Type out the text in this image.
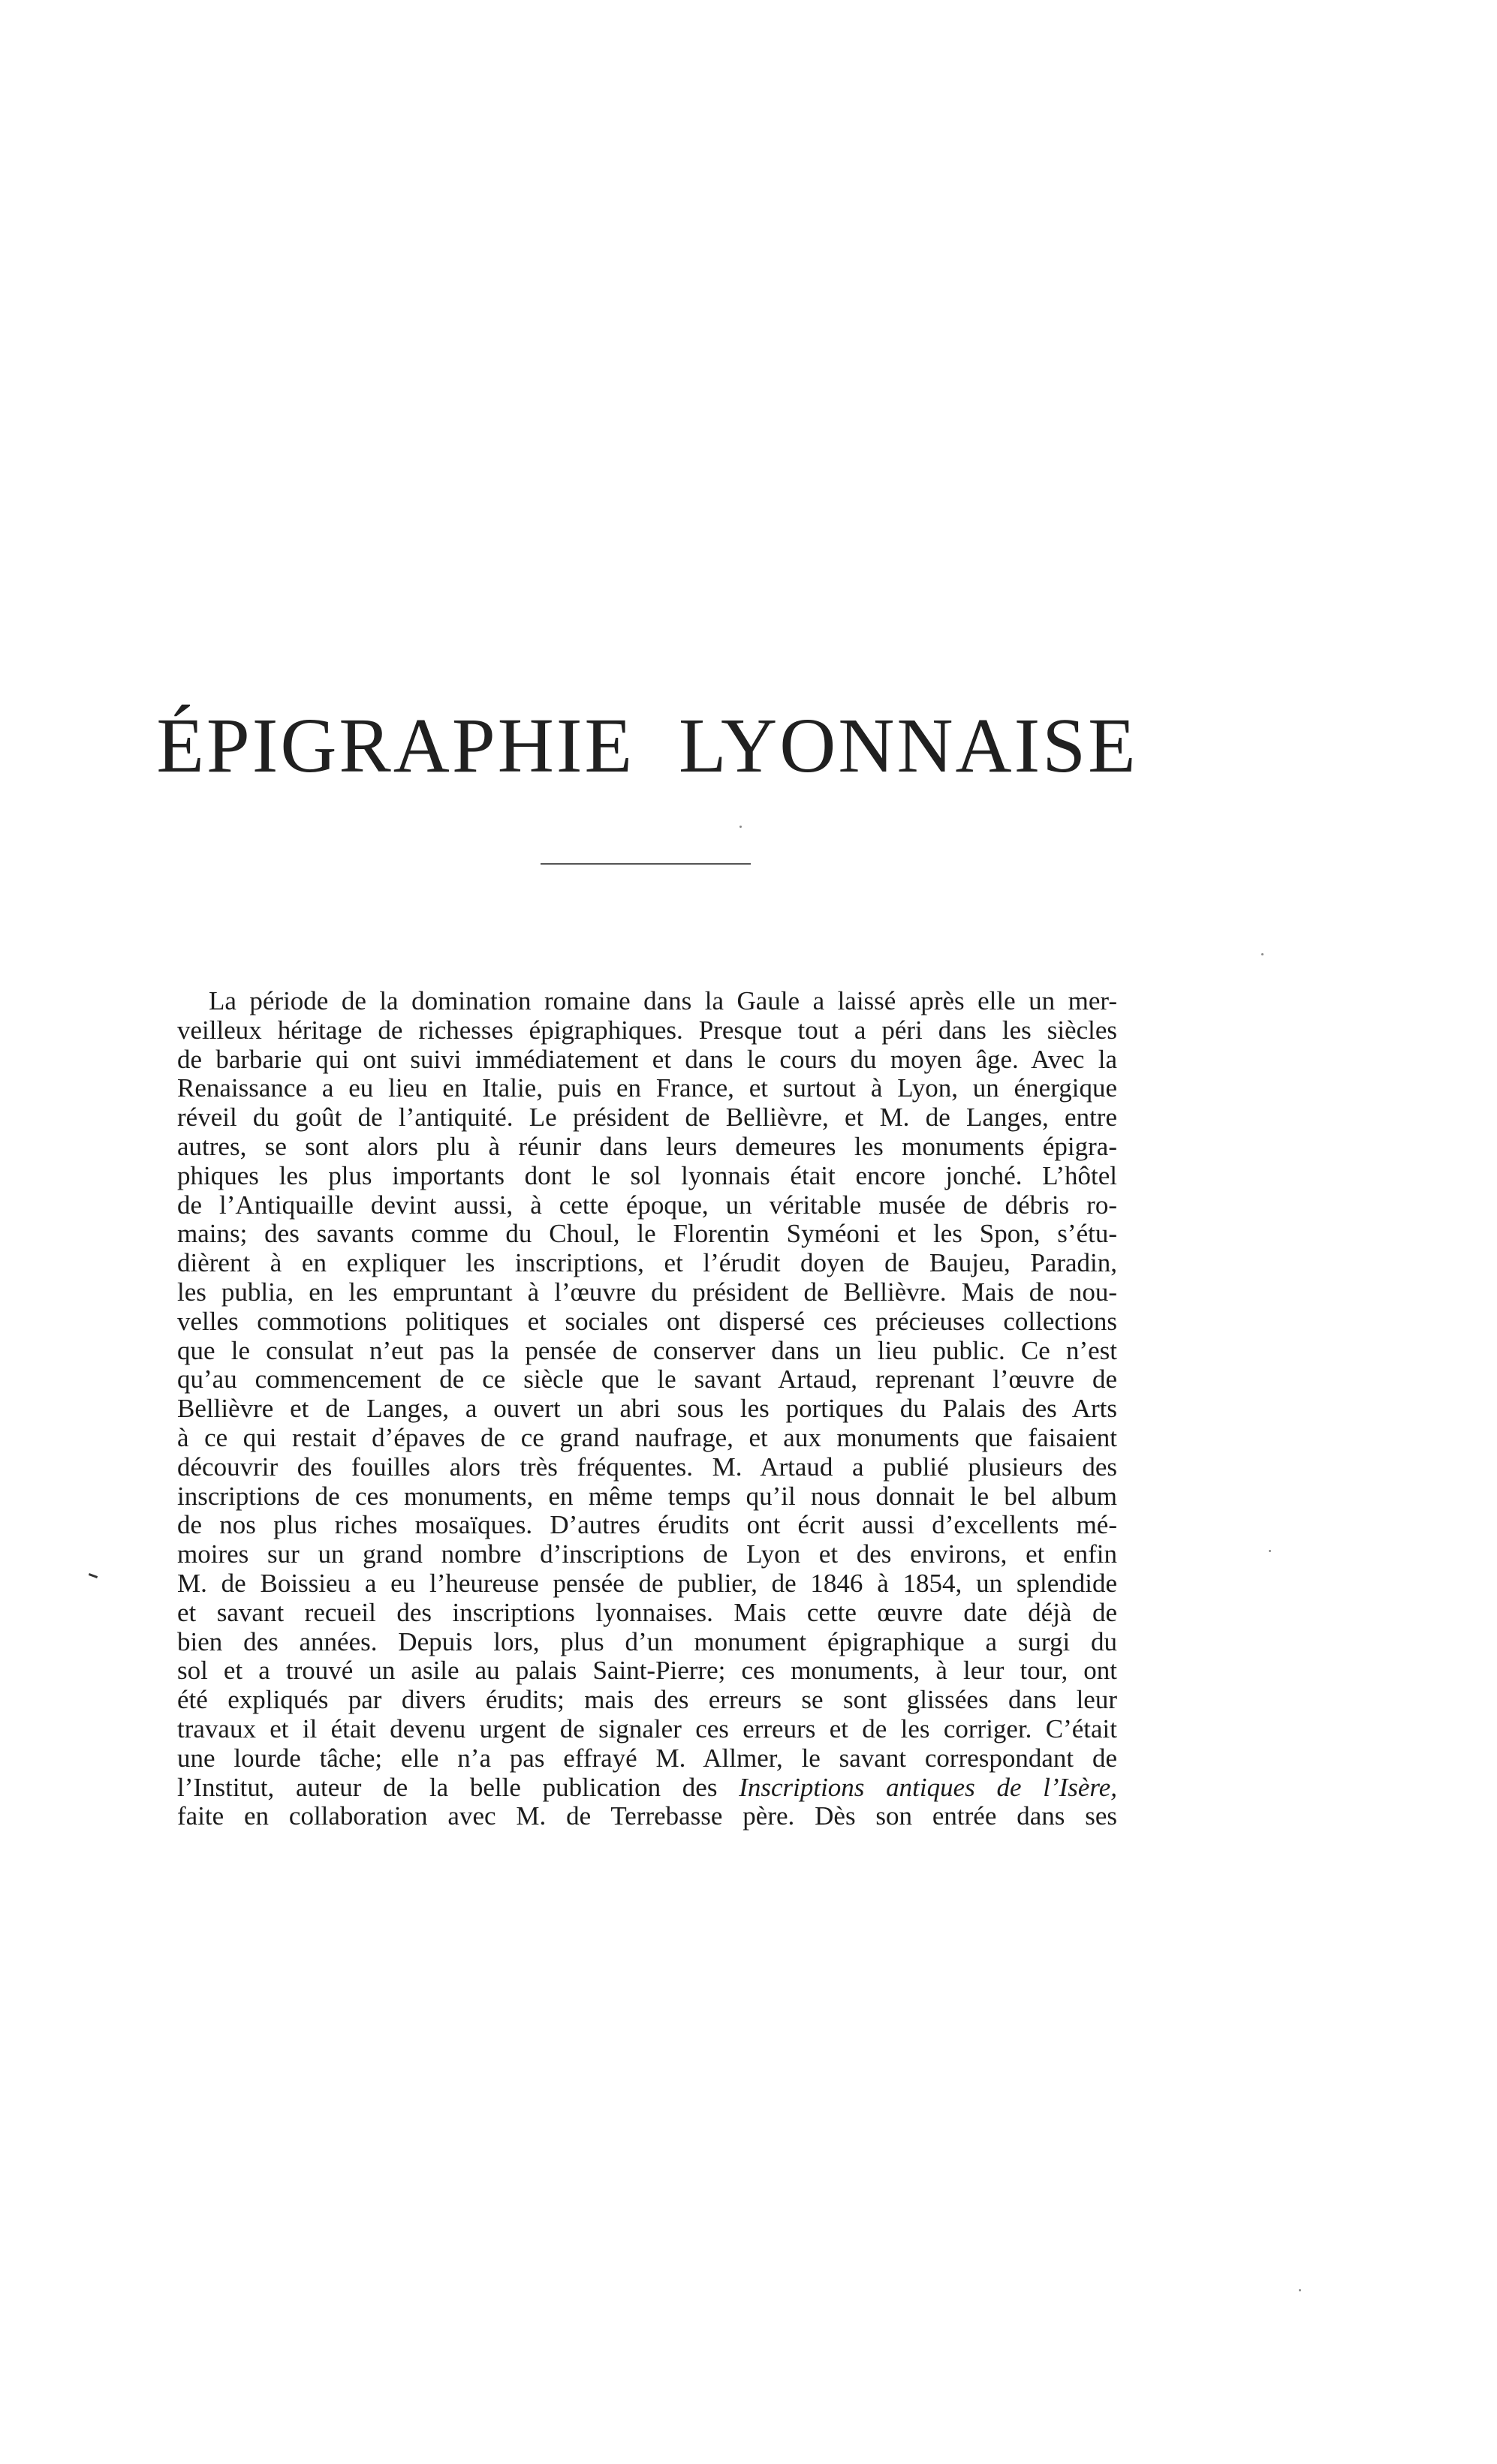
ÉPIGRAPHIE LYONNAISE
La période de la domination romaine dans la Gaule a laissé après elle un mer-
veilleux héritage de richesses épigraphiques. Presque tout a péri dans les siècles
de barbarie qui ont suivi immédiatement et dans le cours du moyen âge. Avec la
Renaissance a eu lieu en Italie, puis en France, et surtout à Lyon, un énergique
réveil du goût de l’antiquité. Le président de Bellièvre, et M. de Langes, entre
autres, se sont alors plu à réunir dans leurs demeures les monuments épigra-
phiques les plus importants dont le sol lyonnais était encore jonché. L’hôtel
de l’Antiquaille devint aussi, à cette époque, un véritable musée de débris ro-
mains; des savants comme du Choul, le Florentin Syméoni et les Spon, s’étu-
dièrent à en expliquer les inscriptions, et l’érudit doyen de Baujeu, Paradin,
les publia, en les empruntant à l’œuvre du président de Bellièvre. Mais de nou-
velles commotions politiques et sociales ont dispersé ces précieuses collections
que le consulat n’eut pas la pensée de conserver dans un lieu public. Ce n’est
qu’au commencement de ce siècle que le savant Artaud, reprenant l’œuvre de
Bellièvre et de Langes, a ouvert un abri sous les portiques du Palais des Arts
à ce qui restait d’épaves de ce grand naufrage, et aux monuments que faisaient
découvrir des fouilles alors très fréquentes. M. Artaud a publié plusieurs des
inscriptions de ces monuments, en même temps qu’il nous donnait le bel album
de nos plus riches mosaïques. D’autres érudits ont écrit aussi d’excellents mé-
moires sur un grand nombre d’inscriptions de Lyon et des environs, et enfin
M. de Boissieu a eu l’heureuse pensée de publier, de 1846 à 1854, un splendide
et savant recueil des inscriptions lyonnaises. Mais cette œuvre date déjà de
bien des années. Depuis lors, plus d’un monument épigraphique a surgi du
sol et a trouvé un asile au palais Saint-Pierre; ces monuments, à leur tour, ont
été expliqués par divers érudits; mais des erreurs se sont glissées dans leur
travaux et il était devenu urgent de signaler ces erreurs et de les corriger. C’était
une lourde tâche; elle n’a pas effrayé M. Allmer, le savant correspondant de
l’Institut, auteur de la belle publication des Inscriptions antiques de l’Isère,
faite en collaboration avec M. de Terrebasse père. Dès son entrée dans ses
